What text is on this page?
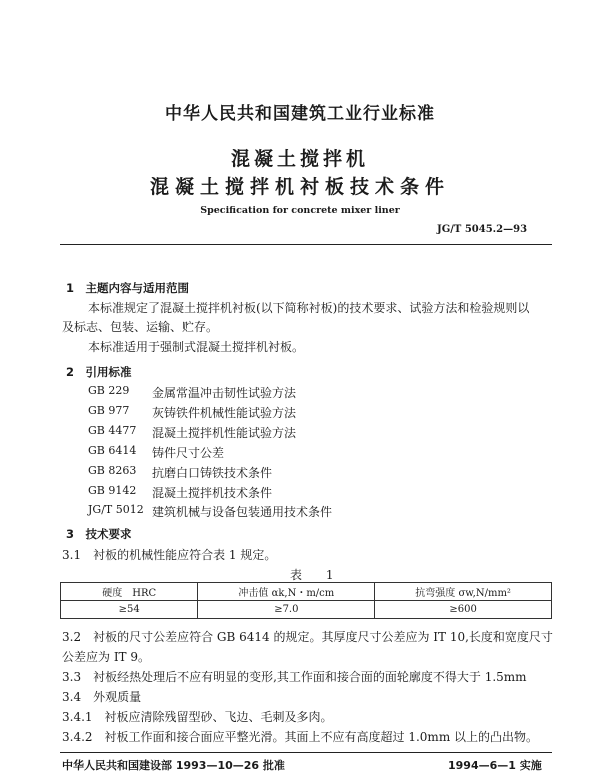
中华人民共和国建筑工业行业标准
混凝土搅拌机
混凝土搅拌机衬板技术条件
Specification for concrete mixer liner
JG/T 5045.2—93
1　主题内容与适用范围
本标准规定了混凝土搅拌机衬板(以下简称衬板)的技术要求、试验方法和检验规则以
及标志、包装、运输、贮存。
本标准适用于强制式混凝土搅拌机衬板。
2　引用标准
GB 229 金属常温冲击韧性试验方法
GB 977 灰铸铁件机械性能试验方法
GB 4477 混凝土搅拌机性能试验方法
GB 6414 铸件尺寸公差
GB 8263 抗磨白口铸铁技术条件
GB 9142 混凝土搅拌机技术条件
JG/T 5012 建筑机械与设备包装通用技术条件
3　技术要求
3.1　衬板的机械性能应符合表 1 规定。
表 1
硬度　HRC	冲击值 αk,N・m/cm	抗弯强度 σw,N/mm²
≥54	≥7.0	≥600
3.2　衬板的尺寸公差应符合 GB 6414 的规定。其厚度尺寸公差应为 IT 10,长度和宽度尺寸
公差应为 IT 9。
3.3　衬板经热处理后不应有明显的变形,其工作面和接合面的面轮廓度不得大于 1.5mm
3.4　外观质量
3.4.1　衬板应清除残留型砂、飞边、毛刺及多肉。
3.4.2　衬板工作面和接合面应平整光滑。其面上不应有高度超过 1.0mm 以上的凸出物。
中华人民共和国建设部 1993—10—26 批准	1994—6—1 实施
